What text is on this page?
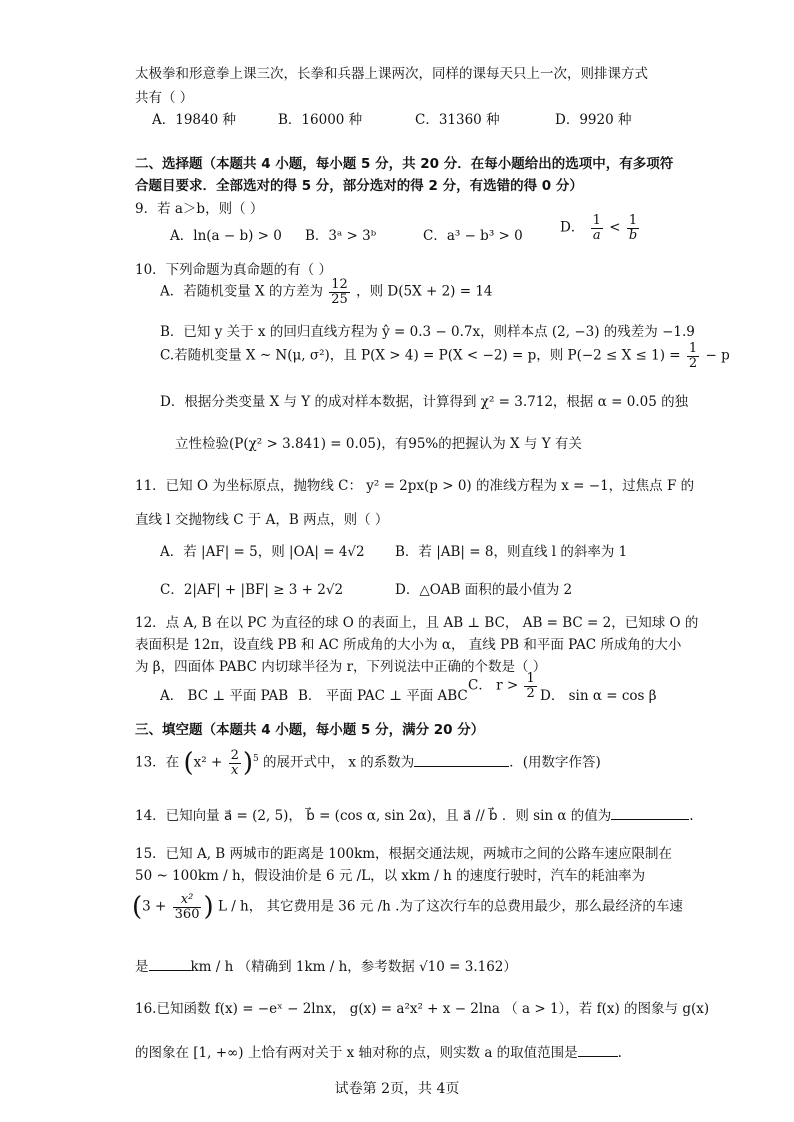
太极拳和形意拳上课三次，长拳和兵器上课两次，同样的课每天只上一次，则排课方式
共有（ ）
A．19840 种	B．16000 种	C．31360 种	D．9920 种
二、选择题（本题共 4 小题，每小题 5 分，共 20 分．在每小题给出的选项中，有多项符
合题目要求．全部选对的得 5 分，部分选对的得 2 分，有选错的得 0 分）
9．若 a＞b，则（ ）
A．ln(a − b) > 0 B．3ᵃ > 3ᵇ	C．a³ − b³ > 0
D． $\frac{1}{a} < \frac{1}{b}$
10．下列命题为真命题的有（ ）
A．若随机变量 X 的方差为 $\frac{12}{25}$ ，则 D(5X + 2) = 14
B．已知 y 关于 x 的回归直线方程为 ŷ = 0.3 − 0.7x，则样本点 (2, −3) 的残差为 −1.9
C.若随机变量 X ~ N(μ, σ²)，且 P(X > 4) = P(X < −2) = p，则 $P(-2 \le X \le 1) = \frac{1}{2} - p$
D．根据分类变量 X 与 Y 的成对样本数据，计算得到 χ² = 3.712，根据 α = 0.05 的独
立性检验(P(χ² > 3.841) = 0.05)，有95%的把握认为 X 与 Y 有关
11．已知 O 为坐标原点，抛物线 C： y² = 2px(p > 0) 的准线方程为 x = −1，过焦点 F 的
直线 l 交抛物线 C 于 A，B 两点，则（ ）
A．若 |AF| = 5，则 |OA| = 4√2 B．若 |AB| = 8，则直线 l 的斜率为 1
C．2|AF| + |BF| ≥ 3 + 2√2	D．△OAB 面积的最小值为 2
12．点 A, B 在以 PC 为直径的球 O 的表面上，且 AB ⊥ BC， AB = BC = 2，已知球 O 的
表面积是 12π，设直线 PB 和 AC 所成角的大小为 α， 直线 PB 和平面 PAC 所成角的大小
为 β，四面体 PABC 内切球半径为 r，下列说法中正确的个数是（ ）
A． BC ⊥ 平面 PAB B． 平面 PAC ⊥ 平面 ABC
C． $r > \frac{1}{2}$ D． sin α = cos β
三、填空题（本题共 4 小题，每小题 5 分，满分 20 分）
13．在 $(x^2 + \frac{2}{x} )^5$ 的展开式中， x 的系数为	．(用数字作答)
14．已知向量 a⃗ = (2, 5)， b⃗ = (cos α, sin 2α)，且 a⃗ // b⃗ ．则 sin α 的值为	.
15．已知 A, B 两城市的距离是 100km，根据交通法规，两城市之间的公路车速应限制在
50 ~ 100km / h，假设油价是 6 元 /L，以 xkm / h 的速度行驶时，汽车的耗油率为
($3 + \frac{\text{x²}}{360}$ ) L / h， 其它费用是 36 元 /h .为了这次行车的总费用最少，那么最经济的车速
是	km / h （精确到 1km / h，参考数据 √10 = 3.162）
16.已知函数 f(x) = −eˣ − 2lnx， g(x) = a²x² + x − 2lna （ a > 1），若 f(x) 的图象与 g(x)
的图象在 [1, +∞) 上恰有两对关于 x 轴对称的点，则实数 a 的取值范围是	.
试卷第 2页，共 4页
